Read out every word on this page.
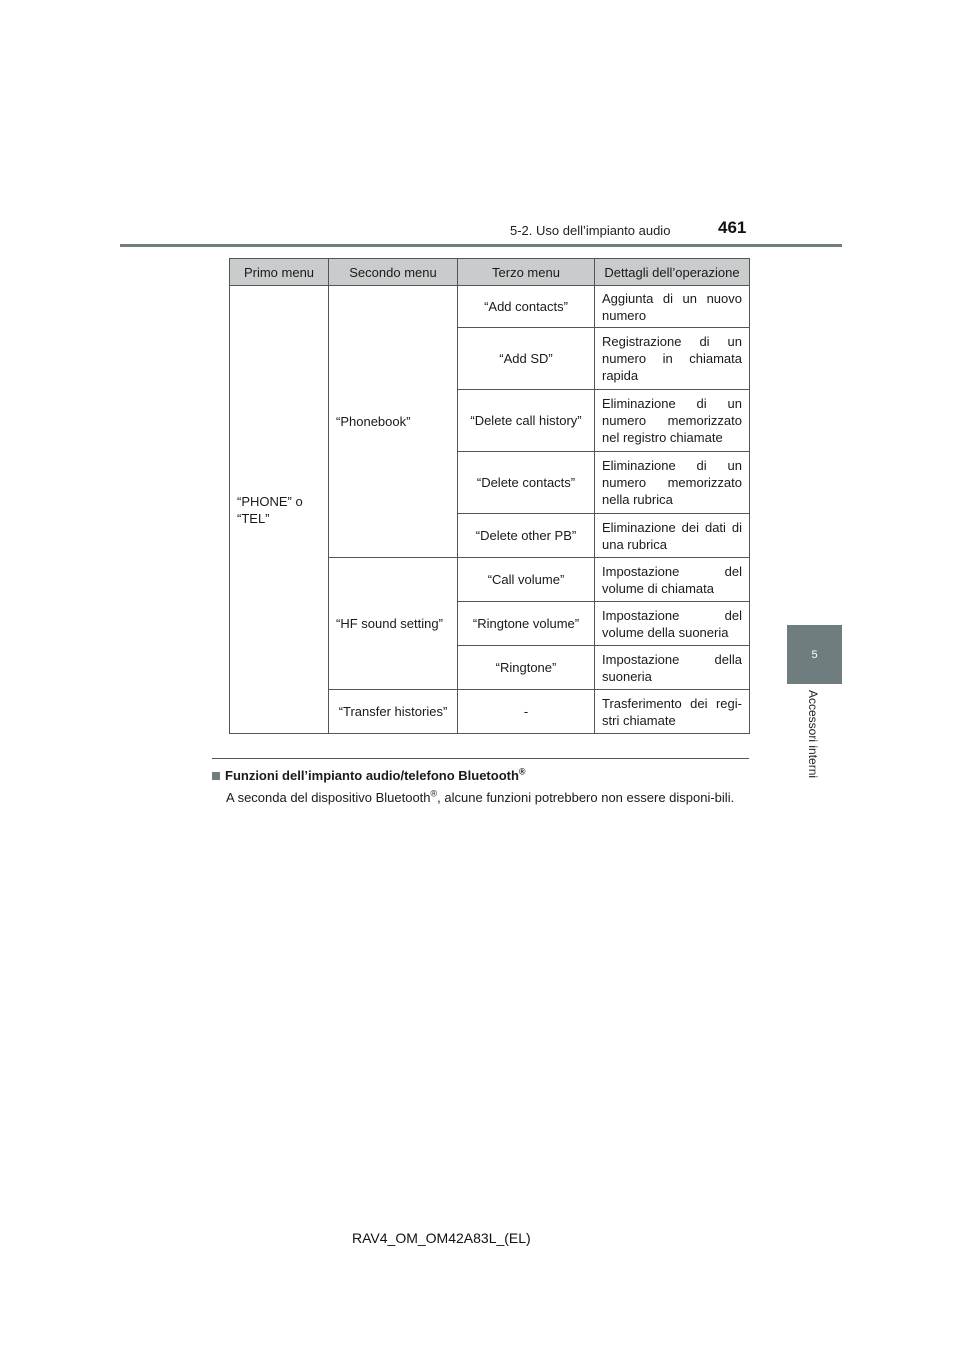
5-2. Uso dell’impianto audio	461
5
Accessori interni
Primo menu	Secondo menu	Terzo menu	Dettagli dell’operazione
“PHONE” o “TEL”	“Phonebook”	“Add contacts”	Aggiunta di un nuovo numero
		“Add SD”	Registrazione di un numero in chiamata rapida
		“Delete call history”	Eliminazione di un numero memorizzato nel registro chiamate
		“Delete contacts”	Eliminazione di un numero memorizzato nella rubrica
		“Delete other PB”	Eliminazione dei dati di una rubrica
	“HF sound setting”	“Call volume”	Impostazione del volume di chiamata
		“Ringtone volume”	Impostazione del volume della suoneria
		“Ringtone”	Impostazione della suoneria
	“Transfer histories”	-	Trasferimento dei regi-stri chiamate
Funzioni dell’impianto audio/telefono Bluetooth®
A seconda del dispositivo Bluetooth®, alcune funzioni potrebbero non essere disponi-bili.
RAV4_OM_OM42A83L_(EL)
